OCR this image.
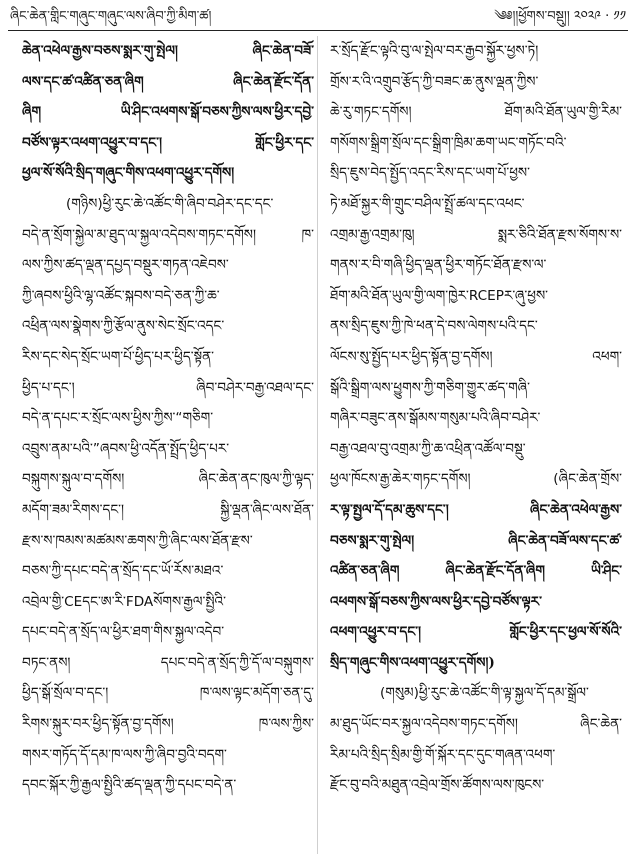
ཞིང་ཆེན་གླིང་གཞུང་གཞུང་ལས་ཞིབ་ཀྱི་མིག་ཚ།	༄༅།།ཕྱོགས་བསྡུ།། ༢༠༢༩ · ༡༡
ཆེན་འཕེལ་རྒྱས་བཅས་སྨར་གུ་སྤེལ། ཞིང་ཆེན་བཟོ་
ལས་དང་ཚ་འཚིན་ཅན་ཞིག ཞིང་ཆེན་རྫོང་དོན་
ཞིག ཡི་ཤིང་འཕགས་སྒོ་བཅས་ཀྱིས་ལས་ཕྱིར་དབྱེ་
བཙོས་ལྟར་འཕག་འཕྱུར་བ་དང་། གློང་ཕྱིར་དང་
ཕྱལ་སོ་སོའི་སྲིད་གཞུང་གིས་འཕག་འཕྱུར་དགོས།
(གཉིས)ཕྱི་རུང་ཆེ་འཚོང་གི་ཞིབ་བཤེར་དང་དང་
བདེ་ན་སྲོག་སྐྱེལ་མ་ཐུད་ལ་སྐྱལ་འདེབས་གཏང་དགོས། ཁ་
ལས་ཀྱིས་ཚད་ལྡན་དཔྱད་བསྡུར་གཏན་འཇེབས་
ཀྱི་ཞབས་ཕྱིའི་ལྷ་འཚོང་སྐབས་བདེ་ཅན་ཀྱི་ཆ་
འཕྲིན་ལས་སྣེགས་ཀྱི་རྩོལ་ནུས་སེང་སྲོང་འདང་
རིས་དང་སེད་སྲོང་ཡག་པོ་ཕྱིད་པར་ཕྱིད་སྟོན་
ཕྱིད་པ་དང་། ཞིབ་བཤེར་བརྒྱ་འཐལ་དང་
བདེ་ན་དཔང་ར་སྲོང་ལས་ཕྱིས་ཀྱིས་“གཅིག་
འབྲུས་ནམ་པའི་”ཞབས་ཕྱི་འདོན་སྤྲོད་ཕྱིད་པར་
བསྐུགས་སྐུལ་བ་དགོས། ཞིང་ཆེན་ནང་ཁུལ་ཀྱི་ལྟད་
མདོག་ཟམ་རིགས་དང་། སྐྱི་ལྡན་ཞིང་ལས་ཐོན་
རྫས་ས་ཁམས་མཚམས་ཆགས་ཀྱི་ཞིང་ལས་ཐོན་རྫས་
བཅས་ཀྱི་དཔང་བདེ་ན་སྲོད་དང་ཡོ་རོས་མཐའ་
འབྲེལ་གྱི་CEདང་ཨ་རི་FDAསོགས་རྒྱལ་སྤྱིའི་
དཔང་བདེ་ན་སྲོད་ལ་ཕྱིར་ཐག་གིས་སྐྱལ་འདེབ་
བཏང་ནས། དཔང་བདེ་ན་སྲོད་ཀྱི་དོ་ལ་བསྐུགས་
ཕྱིད་སྒོ་སྲོལ་བ་དང་། ཁ་ལས་ལྟང་མདོག་ཅན་དུ་
རིགས་སྐུར་བར་ཕྱིད་སྟོན་བྱ་དགོས། ཁ་ལས་ཀྱིས་
གསར་གཏོད་དོ་དམ་ཁ་ལས་ཀྱི་ཞིབ་བྱའི་བདག་
དབང་སྐོར་ཀྱི་རྒྱལ་སྤྱིའི་ཚད་ལྡན་ཀྱི་དཔང་བདེ་ན་
ར་སྲོད་རྫོང་ལྟའི་བུ་ལ་སྤེལ་བར་རྒྱབ་སྐྱོར་ཕྱས་ཏེ།
གྲོས་ར་འི་འགྲུབ་རྩོད་ཀྱི་བཟང་ཆ་ནུས་ལྡན་ཀྱིས་
ཆེ་རུ་གཏང་དགོས། ཐོག་མའི་ཐོན་ཡུལ་གྱི་རིམ་
གསོགས་སྒྲིག་སྲོལ་དང་སྒྲིག་ཁྲིམ་ཆག་ཡང་གཏོང་བའི་
སྲིད་ཇུས་བེད་སྤྱོད་འདང་རིས་དང་ཡག་པོ་ཕྱས་
ཏེ་མཐོ་སྐྱར་གི་གྲུང་བཤིལ་སྤྲོ་ཚལ་དང་འཕང་
འགྲམ་རྒྱ་འགྲམ་ཁུ། སྨར་ཅིའི་ཐོན་རྫས་སོགས་ས་
གནས་ར་བི་གཞི་ཕྱིད་ལྡན་ཕྱིར་གཏོང་ཐོན་རྫས་ལ་
ཐོག་མའི་ཐོན་ཡུལ་གྱི་ལག་ཁྱེར་RCEPར་ཞུ་ཕྱས་
ནས་སྲིད་ཇུས་ཀྱི་ཁེ་ཕན་དེ་བས་ལེགས་པའི་དང་
ལོངས་སུ་སྤྱོད་པར་ཕྱིད་སྟོན་བྱ་དགོས། འཕག་
སྒོའི་སྒྲིག་ལས་ཕྱུགས་ཀྱི་གཅིག་གྱུར་ཚད་གཞི་
གཞིར་བཟུང་ནས་སྒོམས་གསུམ་པའི་ཞིབ་བཤེར་
བརྒྱ་འཐལ་བུ་འགྲམ་ཀྱི་ཆ་འཕྲིན་འཚོལ་བསྡུ་
ཕྱལ་ཁོངས་རྒྱ་ཆེར་གཏང་དགོས། (ཞིང་ཆེན་གྲོས་
ར་ལྟ་སྤྱལ་དོ་དམ་ཆུས་དང་། ཞིང་ཆེན་འཕེལ་རྒྱས་
བཅས་སྨར་གུ་སྤེལ། ཞིང་ཆེན་བཟོ་ལས་དང་ཚ་
འཚིན་ཅན་ཞིག ཞིང་ཆེན་རྫོང་དོན་ཞིག ཡི་ཤིང་
འཕགས་སྒོ་བཅས་ཀྱིས་ལས་ཕྱིར་དབྱེ་བཙོས་ལྟར་
འཕག་འཕྱུར་བ་དང་། གློང་ཕྱིར་དང་ཕྱལ་སོ་སོའི་
སྲིད་གཞུང་གིས་འཕག་འཕྱུར་དགོས།)
(གསུམ)ཕྱི་རུང་ཆེ་འཚོང་གི་ལྟ་སྐྱལ་དོ་དམ་སྒྲོལ་
མ་ཐུད་ཡོང་བར་སྐྱལ་འདེབས་གཏང་དགོས། ཞིང་ཆེན་
རིམ་པའི་སྲིད་སྲིམ་གྱི་གོ་སྐོར་དང་དུང་གཞན་འཕག་
རྫོང་བུ་བའི་མཐུན་འབྲེལ་གྲོས་ཚོགས་ལས་ཁུངས་
